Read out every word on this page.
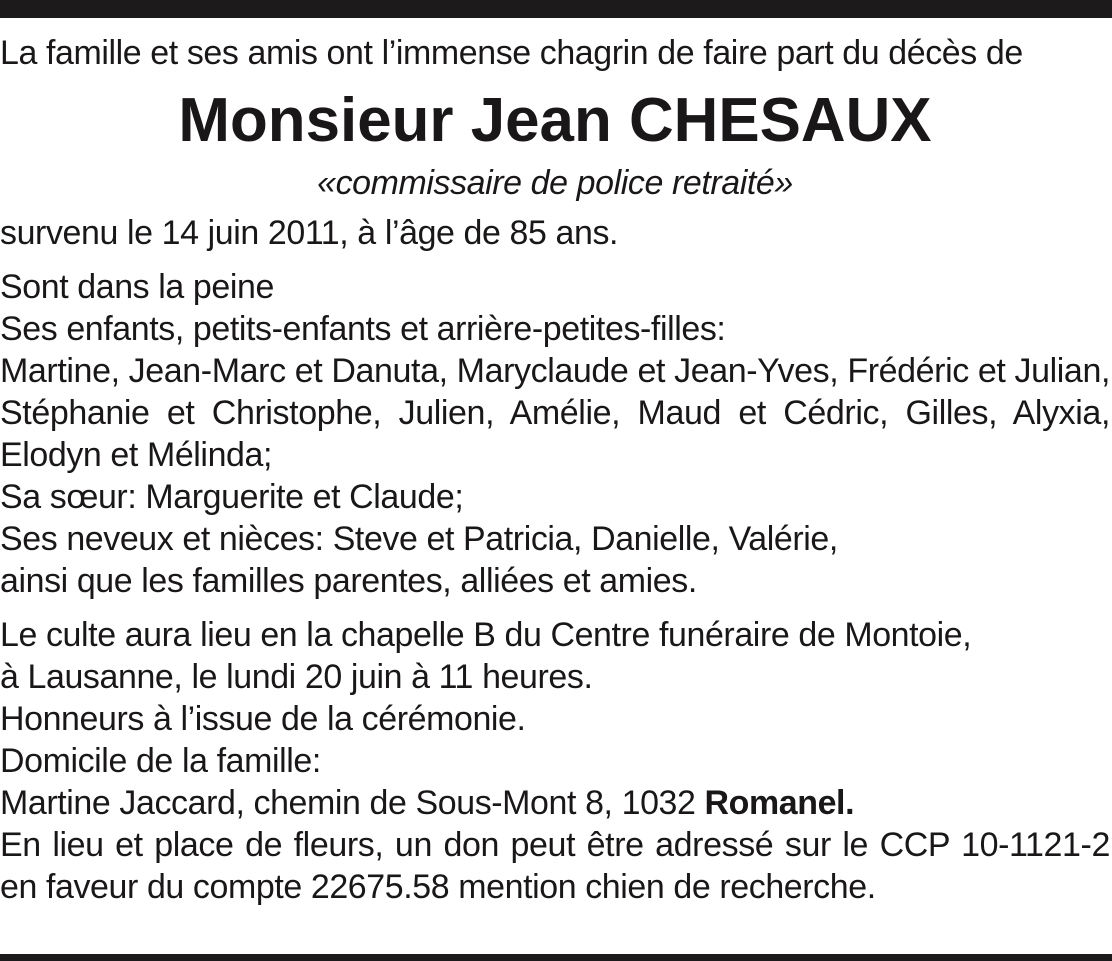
La famille et ses amis ont l’immense chagrin de faire part du décès de
Monsieur Jean CHESAUX
«commissaire de police retraité»
survenu le 14 juin 2011, à l’âge de 85 ans.
Sont dans la peine
Ses enfants, petits-enfants et arrière-petites-filles:
Martine, Jean-Marc et Danuta, Maryclaude et Jean-Yves, Frédéric et Julian,
Stéphanie et Christophe, Julien, Amélie, Maud et Cédric, Gilles, Alyxia,
Elodyn et Mélinda;
Sa sœur: Marguerite et Claude;
Ses neveux et nièces: Steve et Patricia, Danielle, Valérie,
ainsi que les familles parentes, alliées et amies.
Le culte aura lieu en la chapelle B du Centre funéraire de Montoie,
à Lausanne, le lundi 20 juin à 11 heures.
Honneurs à l’issue de la cérémonie.
Domicile de la famille:
Martine Jaccard, chemin de Sous-Mont 8, 1032 Romanel.
En lieu et place de fleurs, un don peut être adressé sur le CCP 10-1121-2
en faveur du compte 22675.58 mention chien de recherche.
